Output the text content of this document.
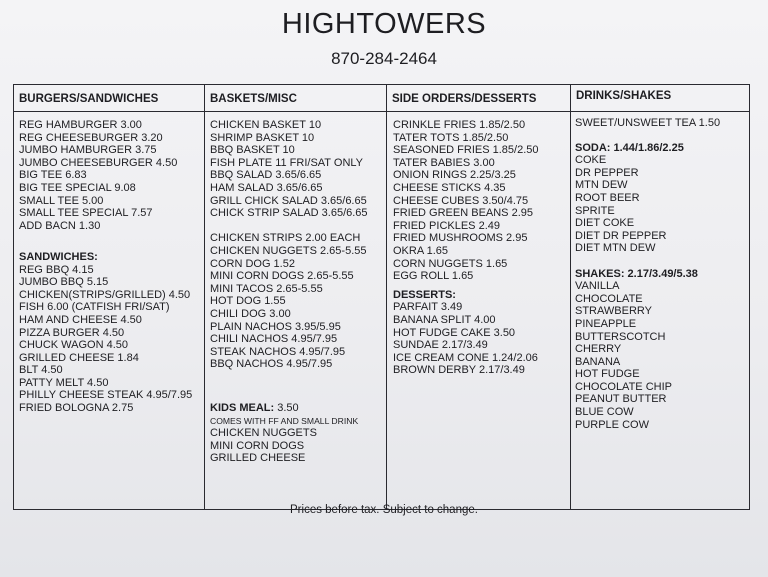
HIGHTOWERS
870-284-2464
BURGERS/SANDWICHES	BASKETS/MISC	SIDE ORDERS/DESSERTS	DRINKS/SHAKES
REG HAMBURGER 3.00
REG CHEESEBURGER 3.20
JUMBO HAMBURGER 3.75
JUMBO CHEESEBURGER 4.50
BIG TEE 6.83
BIG TEE SPECIAL 9.08
SMALL TEE 5.00
SMALL TEE SPECIAL 7.57
ADD BACN 1.30
SANDWICHES:
REG BBQ 4.15
JUMBO BBQ 5.15
CHICKEN(STRIPS/GRILLED) 4.50
FISH 6.00 (CATFISH FRI/SAT)
HAM AND CHEESE 4.50
PIZZA BURGER 4.50
CHUCK WAGON 4.50
GRILLED CHEESE 1.84
BLT 4.50
PATTY MELT 4.50
PHILLY CHEESE STEAK 4.95/7.95
FRIED BOLOGNA 2.75
CHICKEN BASKET 10
SHRIMP BASKET 10
BBQ BASKET 10
FISH PLATE 11 FRI/SAT ONLY
BBQ SALAD 3.65/6.65
HAM SALAD 3.65/6.65
GRILL CHICK SALAD 3.65/6.65
CHICK STRIP SALAD 3.65/6.65
CHICKEN STRIPS 2.00 EACH
CHICKEN NUGGETS 2.65-5.55
CORN DOG 1.52
MINI CORN DOGS 2.65-5.55
MINI TACOS 2.65-5.55
HOT DOG 1.55
CHILI DOG 3.00
PLAIN NACHOS 3.95/5.95
CHILI NACHOS 4.95/7.95
STEAK NACHOS 4.95/7.95
BBQ NACHOS 4.95/7.95
KIDS MEAL: 3.50
COMES WITH FF AND SMALL DRINK
CHICKEN NUGGETS
MINI CORN DOGS
GRILLED CHEESE
CRINKLE FRIES 1.85/2.50
TATER TOTS 1.85/2.50
SEASONED FRIES 1.85/2.50
TATER BABIES 3.00
ONION RINGS 2.25/3.25
CHEESE STICKS 4.35
CHEESE CUBES 3.50/4.75
FRIED GREEN BEANS 2.95
FRIED PICKLES 2.49
FRIED MUSHROOMS 2.95
OKRA 1.65
CORN NUGGETS 1.65
EGG ROLL 1.65
DESSERTS:
PARFAIT 3.49
BANANA SPLIT 4.00
HOT FUDGE CAKE 3.50
SUNDAE 2.17/3.49
ICE CREAM CONE 1.24/2.06
BROWN DERBY 2.17/3.49
SWEET/UNSWEET TEA 1.50
SODA: 1.44/1.86/2.25
COKE
DR PEPPER
MTN DEW
ROOT BEER
SPRITE
DIET COKE
DIET DR PEPPER
DIET MTN DEW
SHAKES: 2.17/3.49/5.38
VANILLA
CHOCOLATE
STRAWBERRY
PINEAPPLE
BUTTERSCOTCH
CHERRY
BANANA
HOT FUDGE
CHOCOLATE CHIP
PEANUT BUTTER
BLUE COW
PURPLE COW
Prices before tax. Subject to change.
